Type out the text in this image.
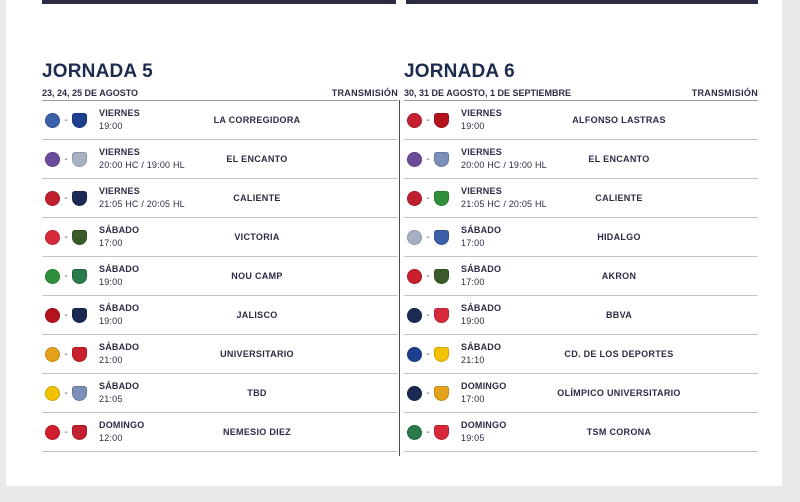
JORNADA 5
23, 24, 25 DE AGOSTO	TRANSMISIÓN
-
VIERNES
19:00
LA CORREGIDORA
-
VIERNES
20:00 HC / 19:00 HL
EL ENCANTO
-
VIERNES
21:05 HC / 20:05 HL
CALIENTE
-
SÁBADO
17:00
VICTORIA
-
SÁBADO
19:00
NOU CAMP
-
SÁBADO
19:00
JALISCO
-
SÁBADO
21:00
UNIVERSITARIO
-
SÁBADO
21:05
TBD
-
DOMINGO
12:00
NEMESIO DIEZ
JORNADA 6
30, 31 DE AGOSTO, 1 DE SEPTIEMBRE	TRANSMISIÓN
-
VIERNES
19:00
ALFONSO LASTRAS
-
VIERNES
20:00 HC / 19:00 HL
EL ENCANTO
-
VIERNES
21:05 HC / 20:05 HL
CALIENTE
-
SÁBADO
17:00
HIDALGO
-
SÁBADO
17:00
AKRON
-
SÁBADO
19:00
BBVA
-
SÁBADO
21:10
CD. DE LOS DEPORTES
-
DOMINGO
17:00
OLÍMPICO UNIVERSITARIO
-
DOMINGO
19:05
TSM CORONA
